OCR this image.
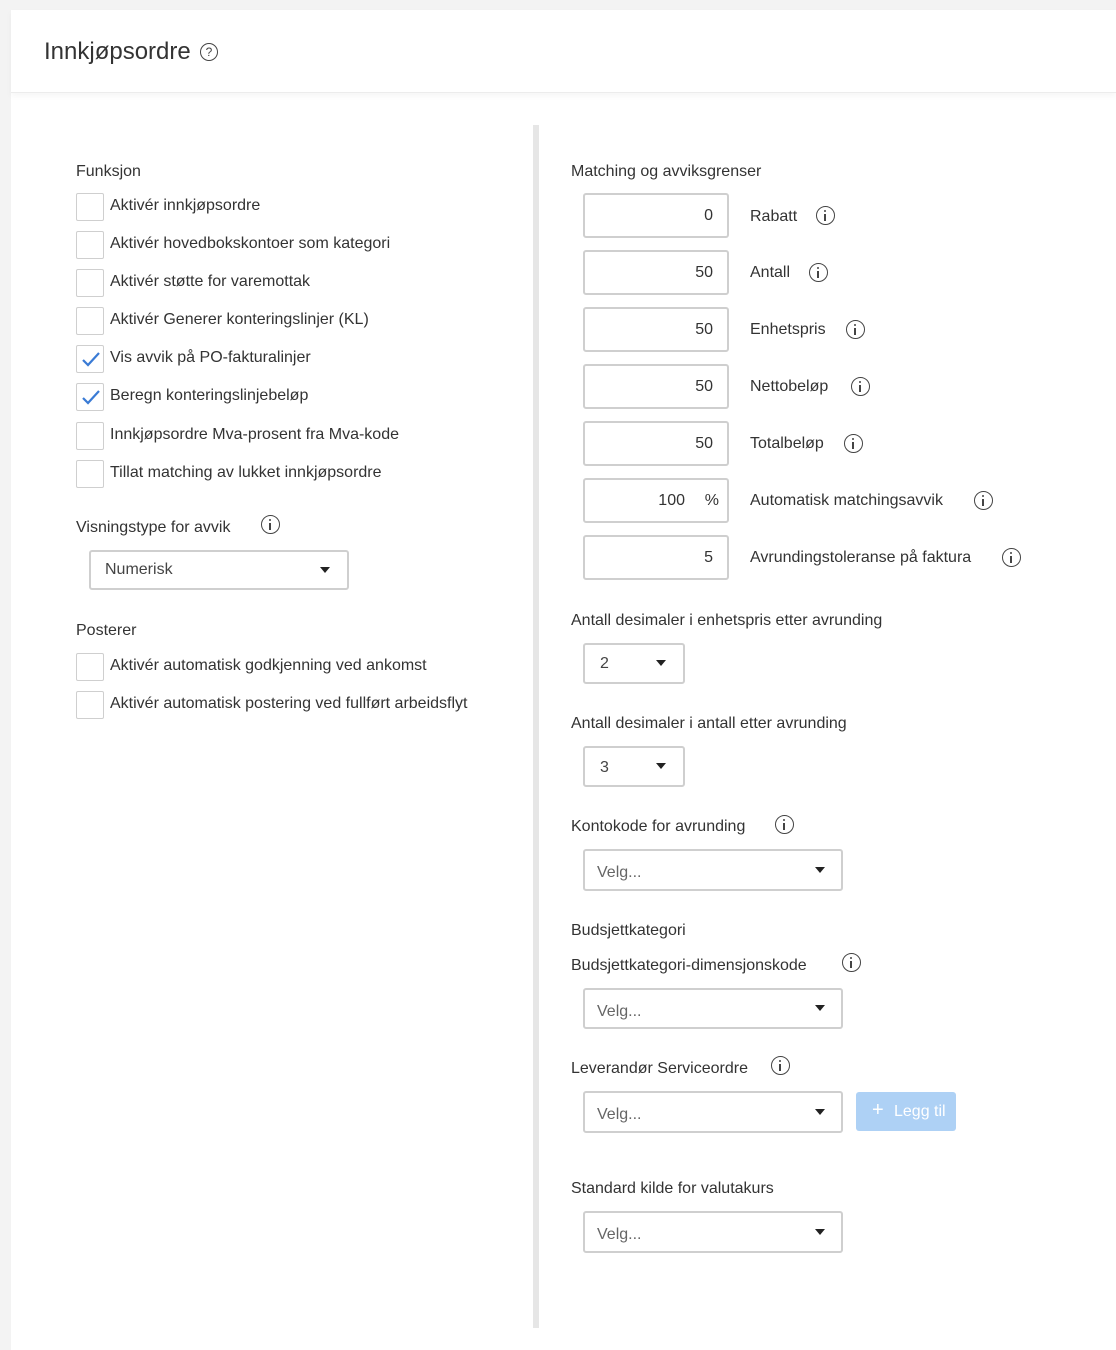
Innkjøpsordre	?
Funksjon
Aktivér innkjøpsordre
Aktivér hovedbokskontoer som kategori
Aktivér støtte for varemottak
Aktivér Generer konteringslinjer (KL)
Vis avvik på PO-fakturalinjer
Beregn konteringslinjebeløp
Innkjøpsordre Mva-prosent fra Mva-kode
Tillat matching av lukket innkjøpsordre
Visningstype for avvik
Numerisk
Posterer
Aktivér automatisk godkjenning ved ankomst
Aktivér automatisk postering ved fullført arbeidsflyt
Matching og avviksgrenser
0 Rabatt
50 Antall
50 Enhetspris
50 Nettobeløp
50 Totalbeløp
100 % Automatisk matchingsavvik
5 Avrundingstoleranse på faktura
Antall desimaler i enhetspris etter avrunding
2
Antall desimaler i antall etter avrunding
3
Kontokode for avrunding
Velg...
Budsjettkategori
Budsjettkategori-dimensjonskode
Velg...
Leverandør Serviceordre
Velg...	+ Legg til
Standard kilde for valutakurs
Velg...
